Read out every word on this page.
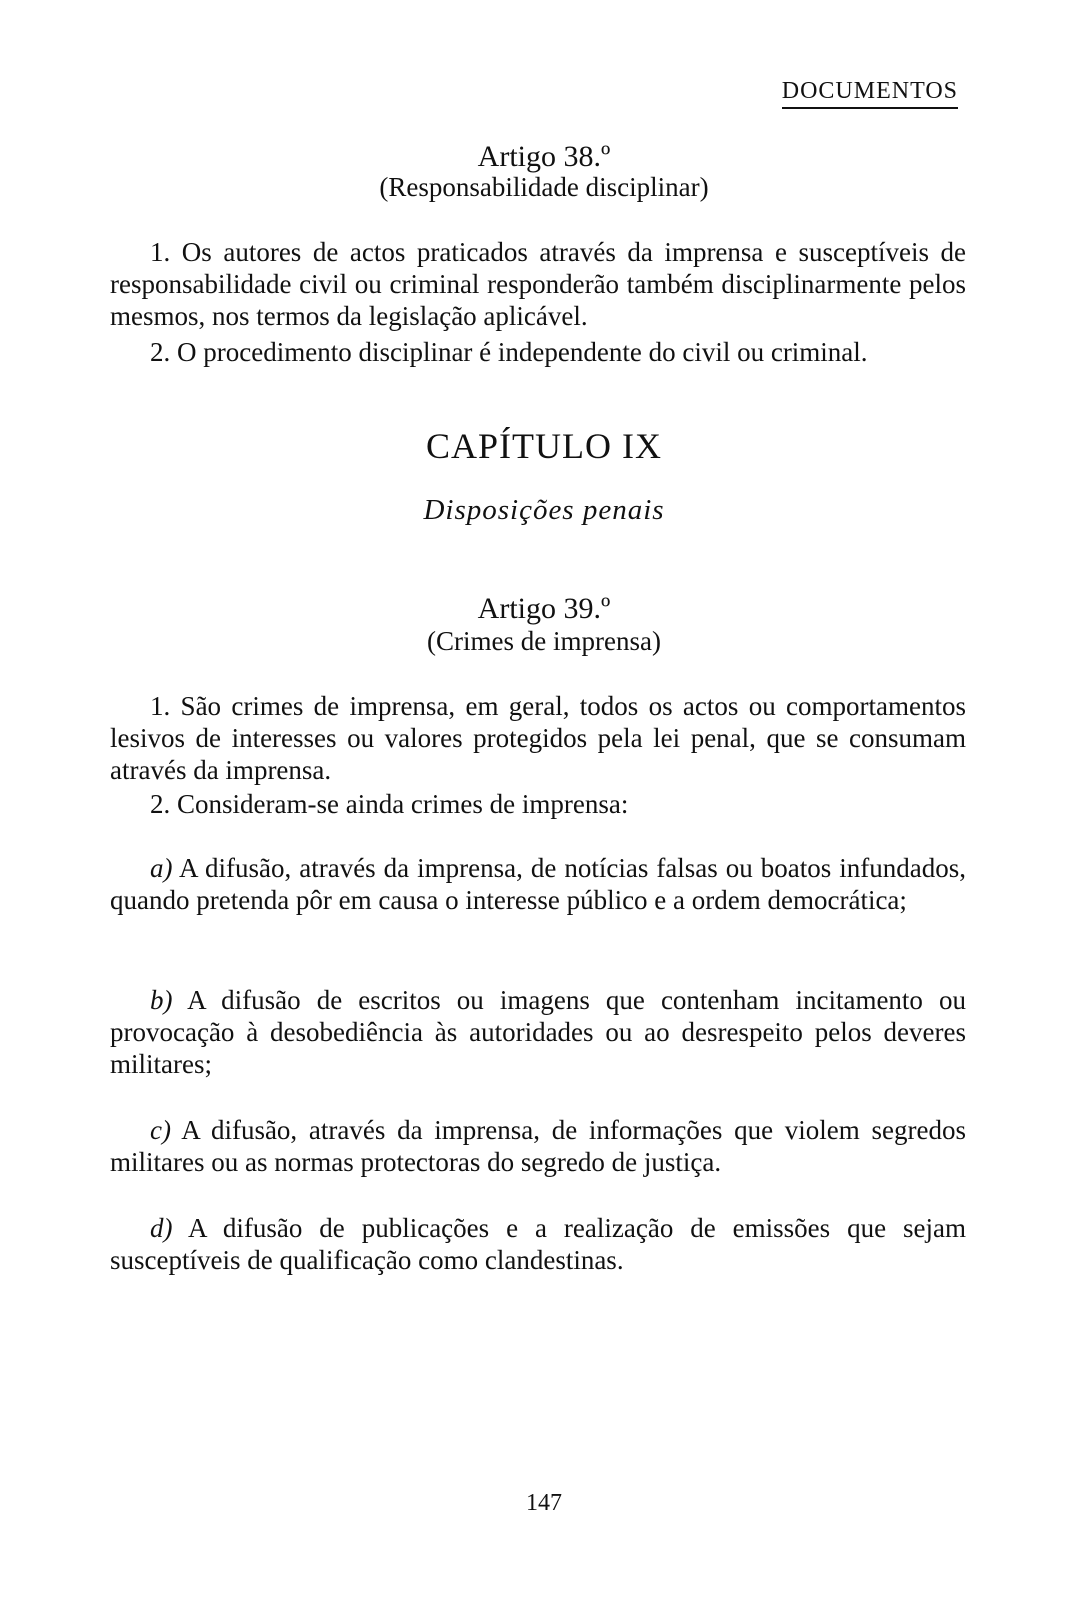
DOCUMENTOS
Artigo 38.º
(Responsabilidade disciplinar)
1. Os autores de actos praticados através da imprensa e susceptíveis de responsabilidade civil ou criminal responderão também disciplinarmente pelos mesmos, nos termos da legislação aplicável.
2. O procedimento disciplinar é independente do civil ou criminal.
CAPÍTULO IX
Disposições penais
Artigo 39.º
(Crimes de imprensa)
1. São crimes de imprensa, em geral, todos os actos ou comportamentos lesivos de interesses ou valores protegidos pela lei penal, que se consumam através da imprensa.
2. Consideram-se ainda crimes de imprensa:
a) A difusão, através da imprensa, de notícias falsas ou boatos infundados, quando pretenda pôr em causa o interesse público e a ordem democrática;
b) A difusão de escritos ou imagens que contenham incitamento ou provocação à desobediência às autoridades ou ao desrespeito pelos deveres militares;
c) A difusão, através da imprensa, de informações que violem segredos militares ou as normas protectoras do segredo de justiça.
d) A difusão de publicações e a realização de emissões que sejam susceptíveis de qualificação como clandestinas.
147
